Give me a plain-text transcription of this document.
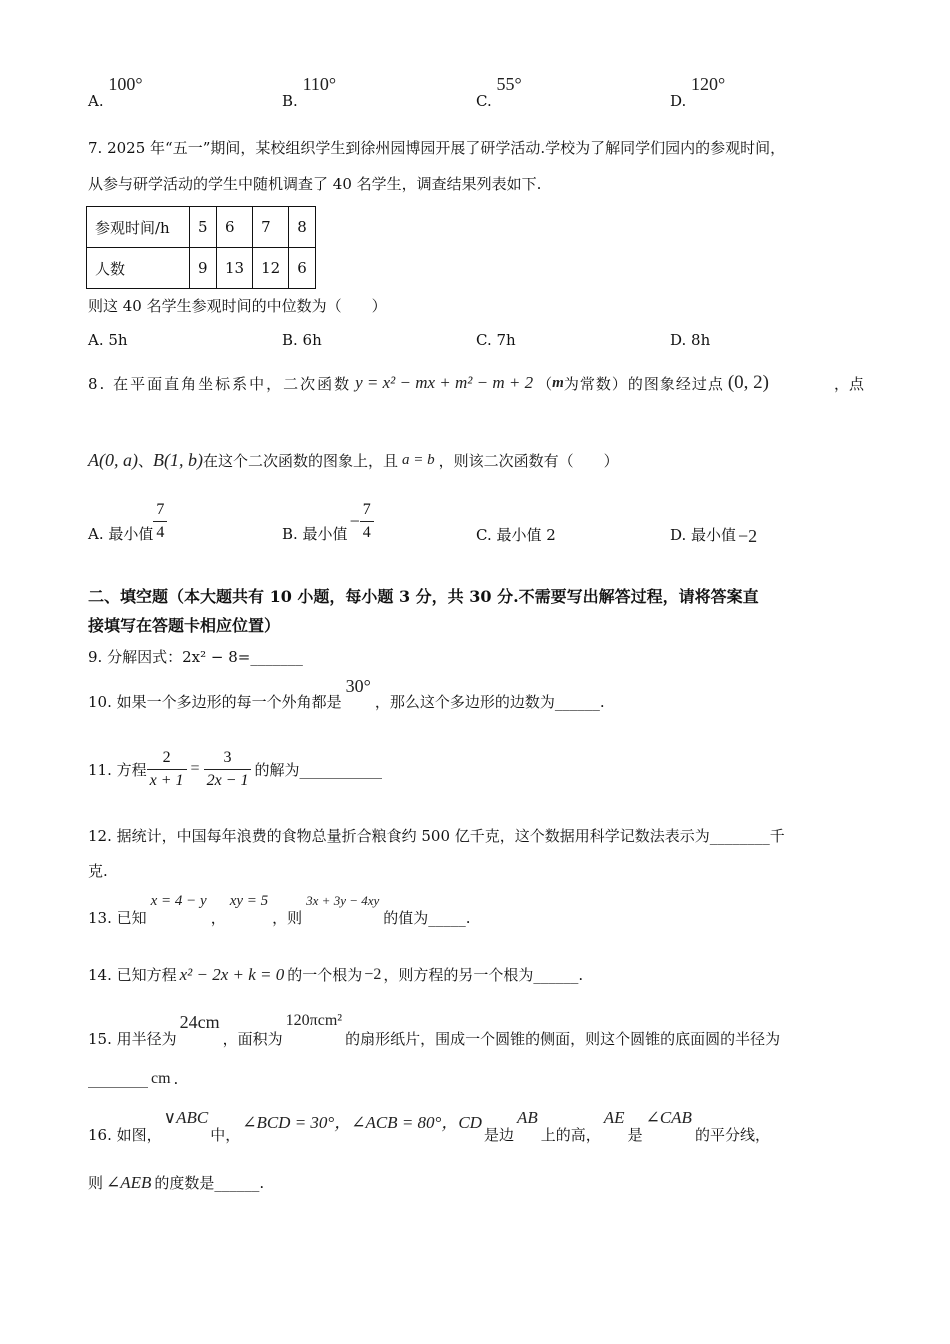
A. 100°
B. 110°
C. 55°
D. 120°
7. 2025 年“五一”期间，某校组织学生到徐州园博园开展了研学活动.学校为了解同学们园内的参观时间，
从参与研学活动的学生中随机调查了 40 名学生，调查结果列表如下.
参观时间/h	5	6	7	8
人数	9	13	12	6
则这 40 名学生参观时间的中位数为（　　）
A. 5h	B. 6h	C. 7h	D. 8h
8. 在平面直角坐标系中，二次函数 y = x² − mx + m² − m + 2 （ m 为常数）的图象经过点 (0, 2)	，点
A(0, a) 、 B(1, b) 在这个二次函数的图象上，且 a = b ，则该二次函数有（　　）
A. 最小值 $\frac{7}{4}$	B. 最小值
− $\frac{7}{4}$	C. 最小值 2	D. 最小值 −2
二、填空题（本大题共有 10 小题，每小题 3 分，共 30 分.不需要写出解答过程，请将答案直
接填写在答题卡相应位置）
9. 分解因式：2x² − 8=_______
10. 如果一个多边形的每一个外角都是
30°
，那么这个多边形的边数为______.
11. 方程 $\frac{2}{x + 1} = \frac{3}{2x - 1}$ 的解为___________
12. 据统计，中国每年浪费的食物总量折合粮食约 500 亿千克，这个数据用科学记数法表示为________千
克.
13. 已知
x = 4 − y
，
xy = 5
，则
3x + 3y − 4xy
的值为_____.
14. 已知方程 x² − 2x + k = 0 的一个根为 −2 ，则方程的另一个根为______.
15. 用半径为
24cm
，面积为
120πcm²
的扇形纸片，围成一个圆锥的侧面，则这个圆锥的底面圆的半径为
________ cm .
16. 如图，
∨ABC
中，
∠BCD = 30°，∠ACB = 80°，CD
是边
AB
上的高，
AE
是
∠CAB
的平分线，
则 ∠AEB 的度数是______.
